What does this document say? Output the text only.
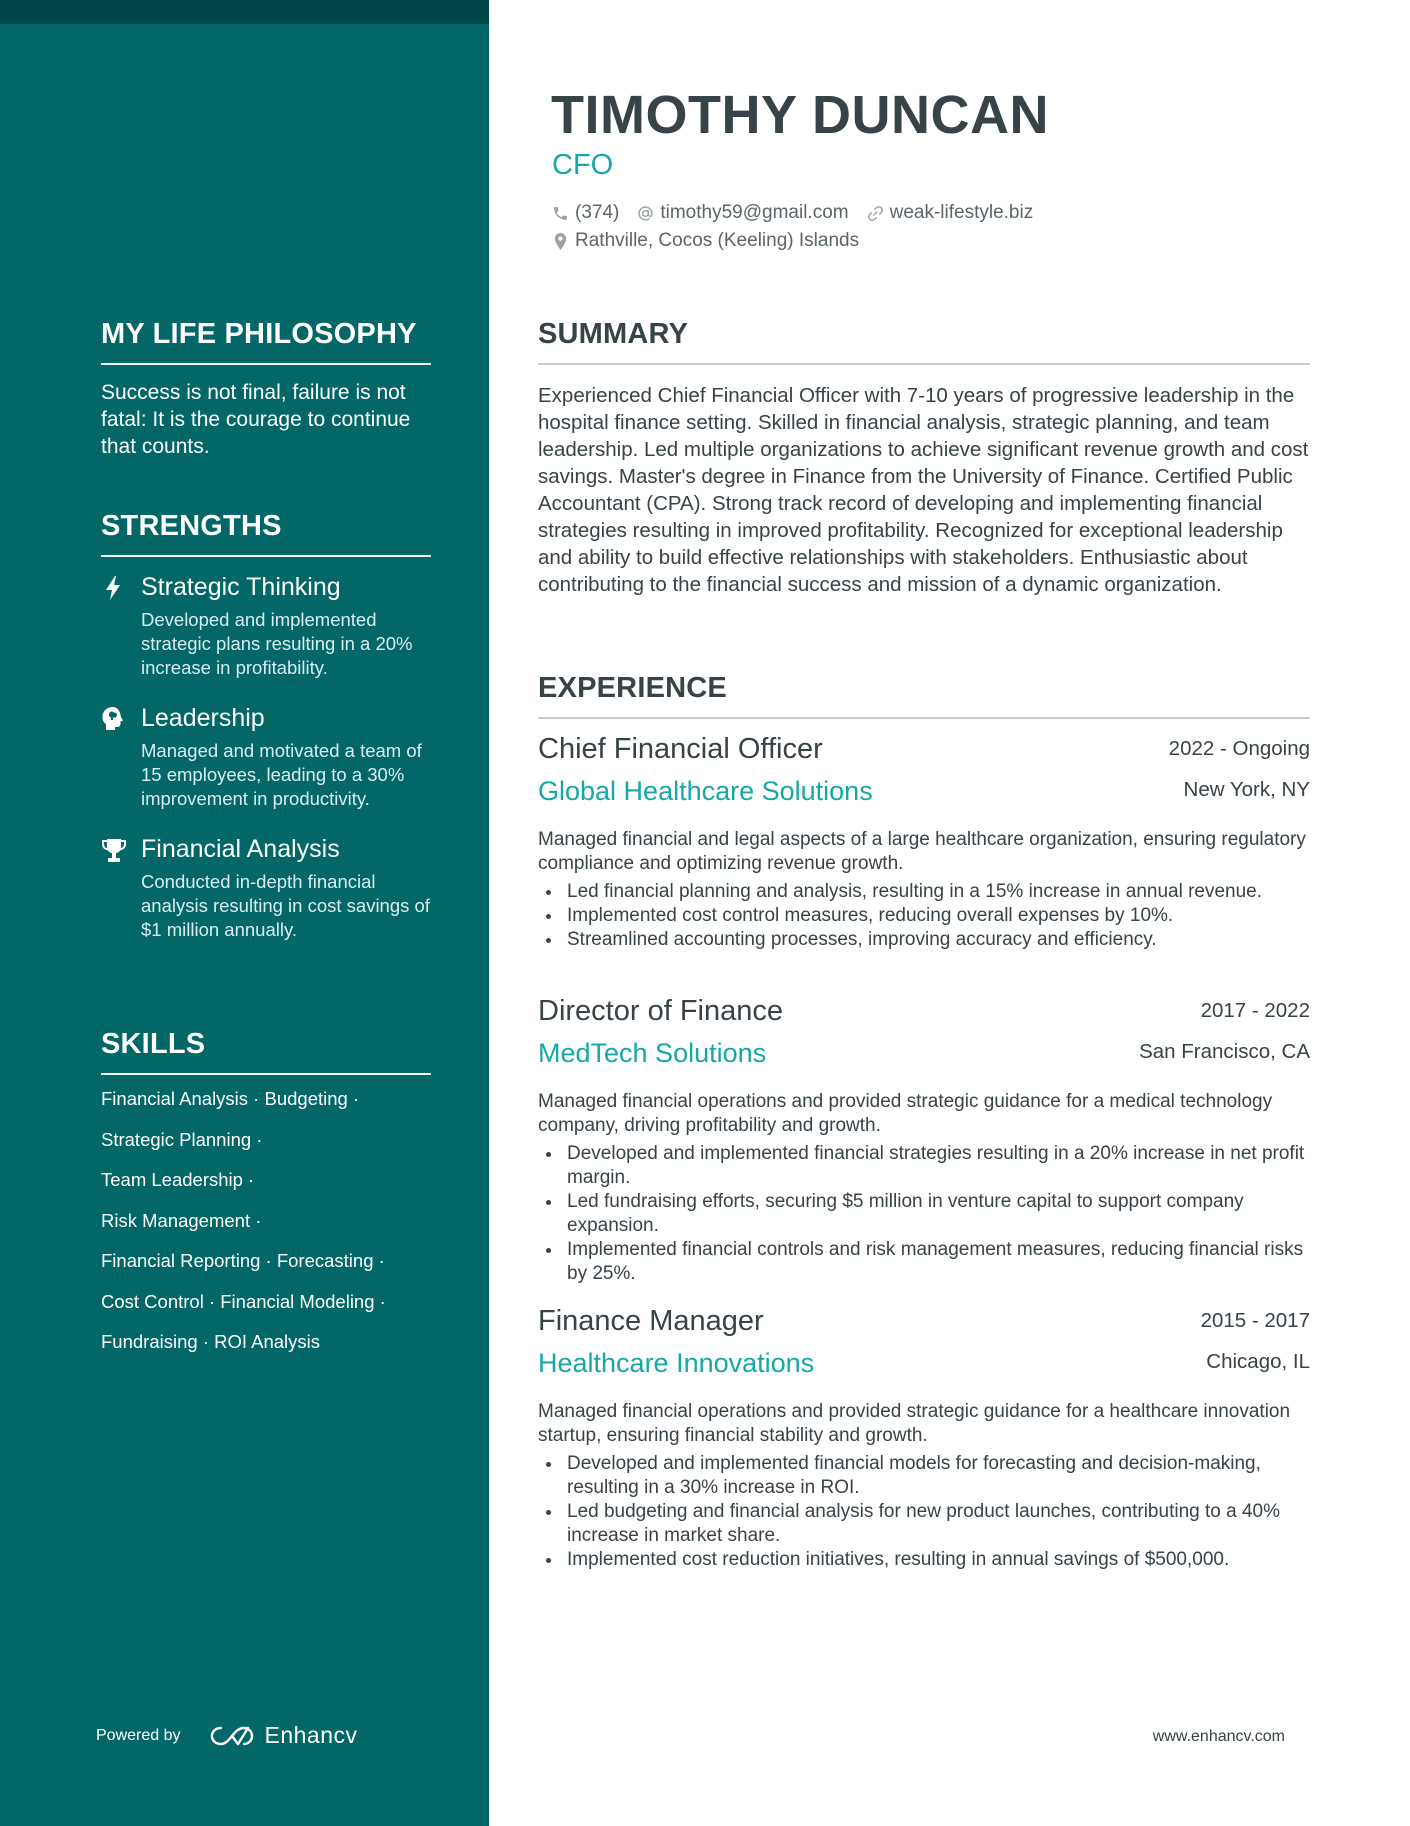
MY LIFE PHILOSOPHY

Success is not final, failure is not fatal: It is the courage to continue that counts.

STRENGTHS
Strategic Thinking
Developed and implemented strategic plans resulting in a 20% increase in profitability.
Leadership
Managed and motivated a team of 15 employees, leading to a 30% improvement in productivity.
Financial Analysis
Conducted in-depth financial analysis resulting in cost savings of $1 million annually.
SKILLS
Financial Analysis · Budgeting ·
Strategic Planning ·
Team Leadership ·
Risk Management ·
Financial Reporting · Forecasting ·
Cost Control · Financial Modeling ·
Fundraising · ROI Analysis
Powered by	Enhancv
TIMOTHY DUNCAN
CFO
(374) timothy59@gmail.com weak-lifestyle.biz
Rathville, Cocos (Keeling) Islands
SUMMARY

Experienced Chief Financial Officer with 7-10 years of progressive leadership in the hospital finance setting. Skilled in financial analysis, strategic planning, and team leadership. Led multiple organizations to achieve significant revenue growth and cost savings. Master's degree in Finance from the University of Finance. Certified Public Accountant (CPA). Strong track record of developing and implementing financial strategies resulting in improved profitability. Recognized for exceptional leadership and ability to build effective relationships with stakeholders. Enthusiastic about contributing to the financial success and mission of a dynamic organization.

EXPERIENCE
Chief Financial Officer	2022 - Ongoing
Global Healthcare Solutions	New York, NY

Managed financial and legal aspects of a large healthcare organization, ensuring regulatory compliance and optimizing revenue growth.

Led financial planning and analysis, resulting in a 15% increase in annual revenue.
Implemented cost control measures, reducing overall expenses by 10%.
Streamlined accounting processes, improving accuracy and efficiency.
Director of Finance	2017 - 2022
MedTech Solutions	San Francisco, CA

Managed financial operations and provided strategic guidance for a medical technology company, driving profitability and growth.

Developed and implemented financial strategies resulting in a 20% increase in net profit margin.
Led fundraising efforts, securing $5 million in venture capital to support company expansion.
Implemented financial controls and risk management measures, reducing financial risks by 25%.
Finance Manager	2015 - 2017
Healthcare Innovations	Chicago, IL

Managed financial operations and provided strategic guidance for a healthcare innovation startup, ensuring financial stability and growth.

Developed and implemented financial models for forecasting and decision-making, resulting in a 30% increase in ROI.
Led budgeting and financial analysis for new product launches, contributing to a 40% increase in market share.
Implemented cost reduction initiatives, resulting in annual savings of $500,000.
www.enhancv.com
